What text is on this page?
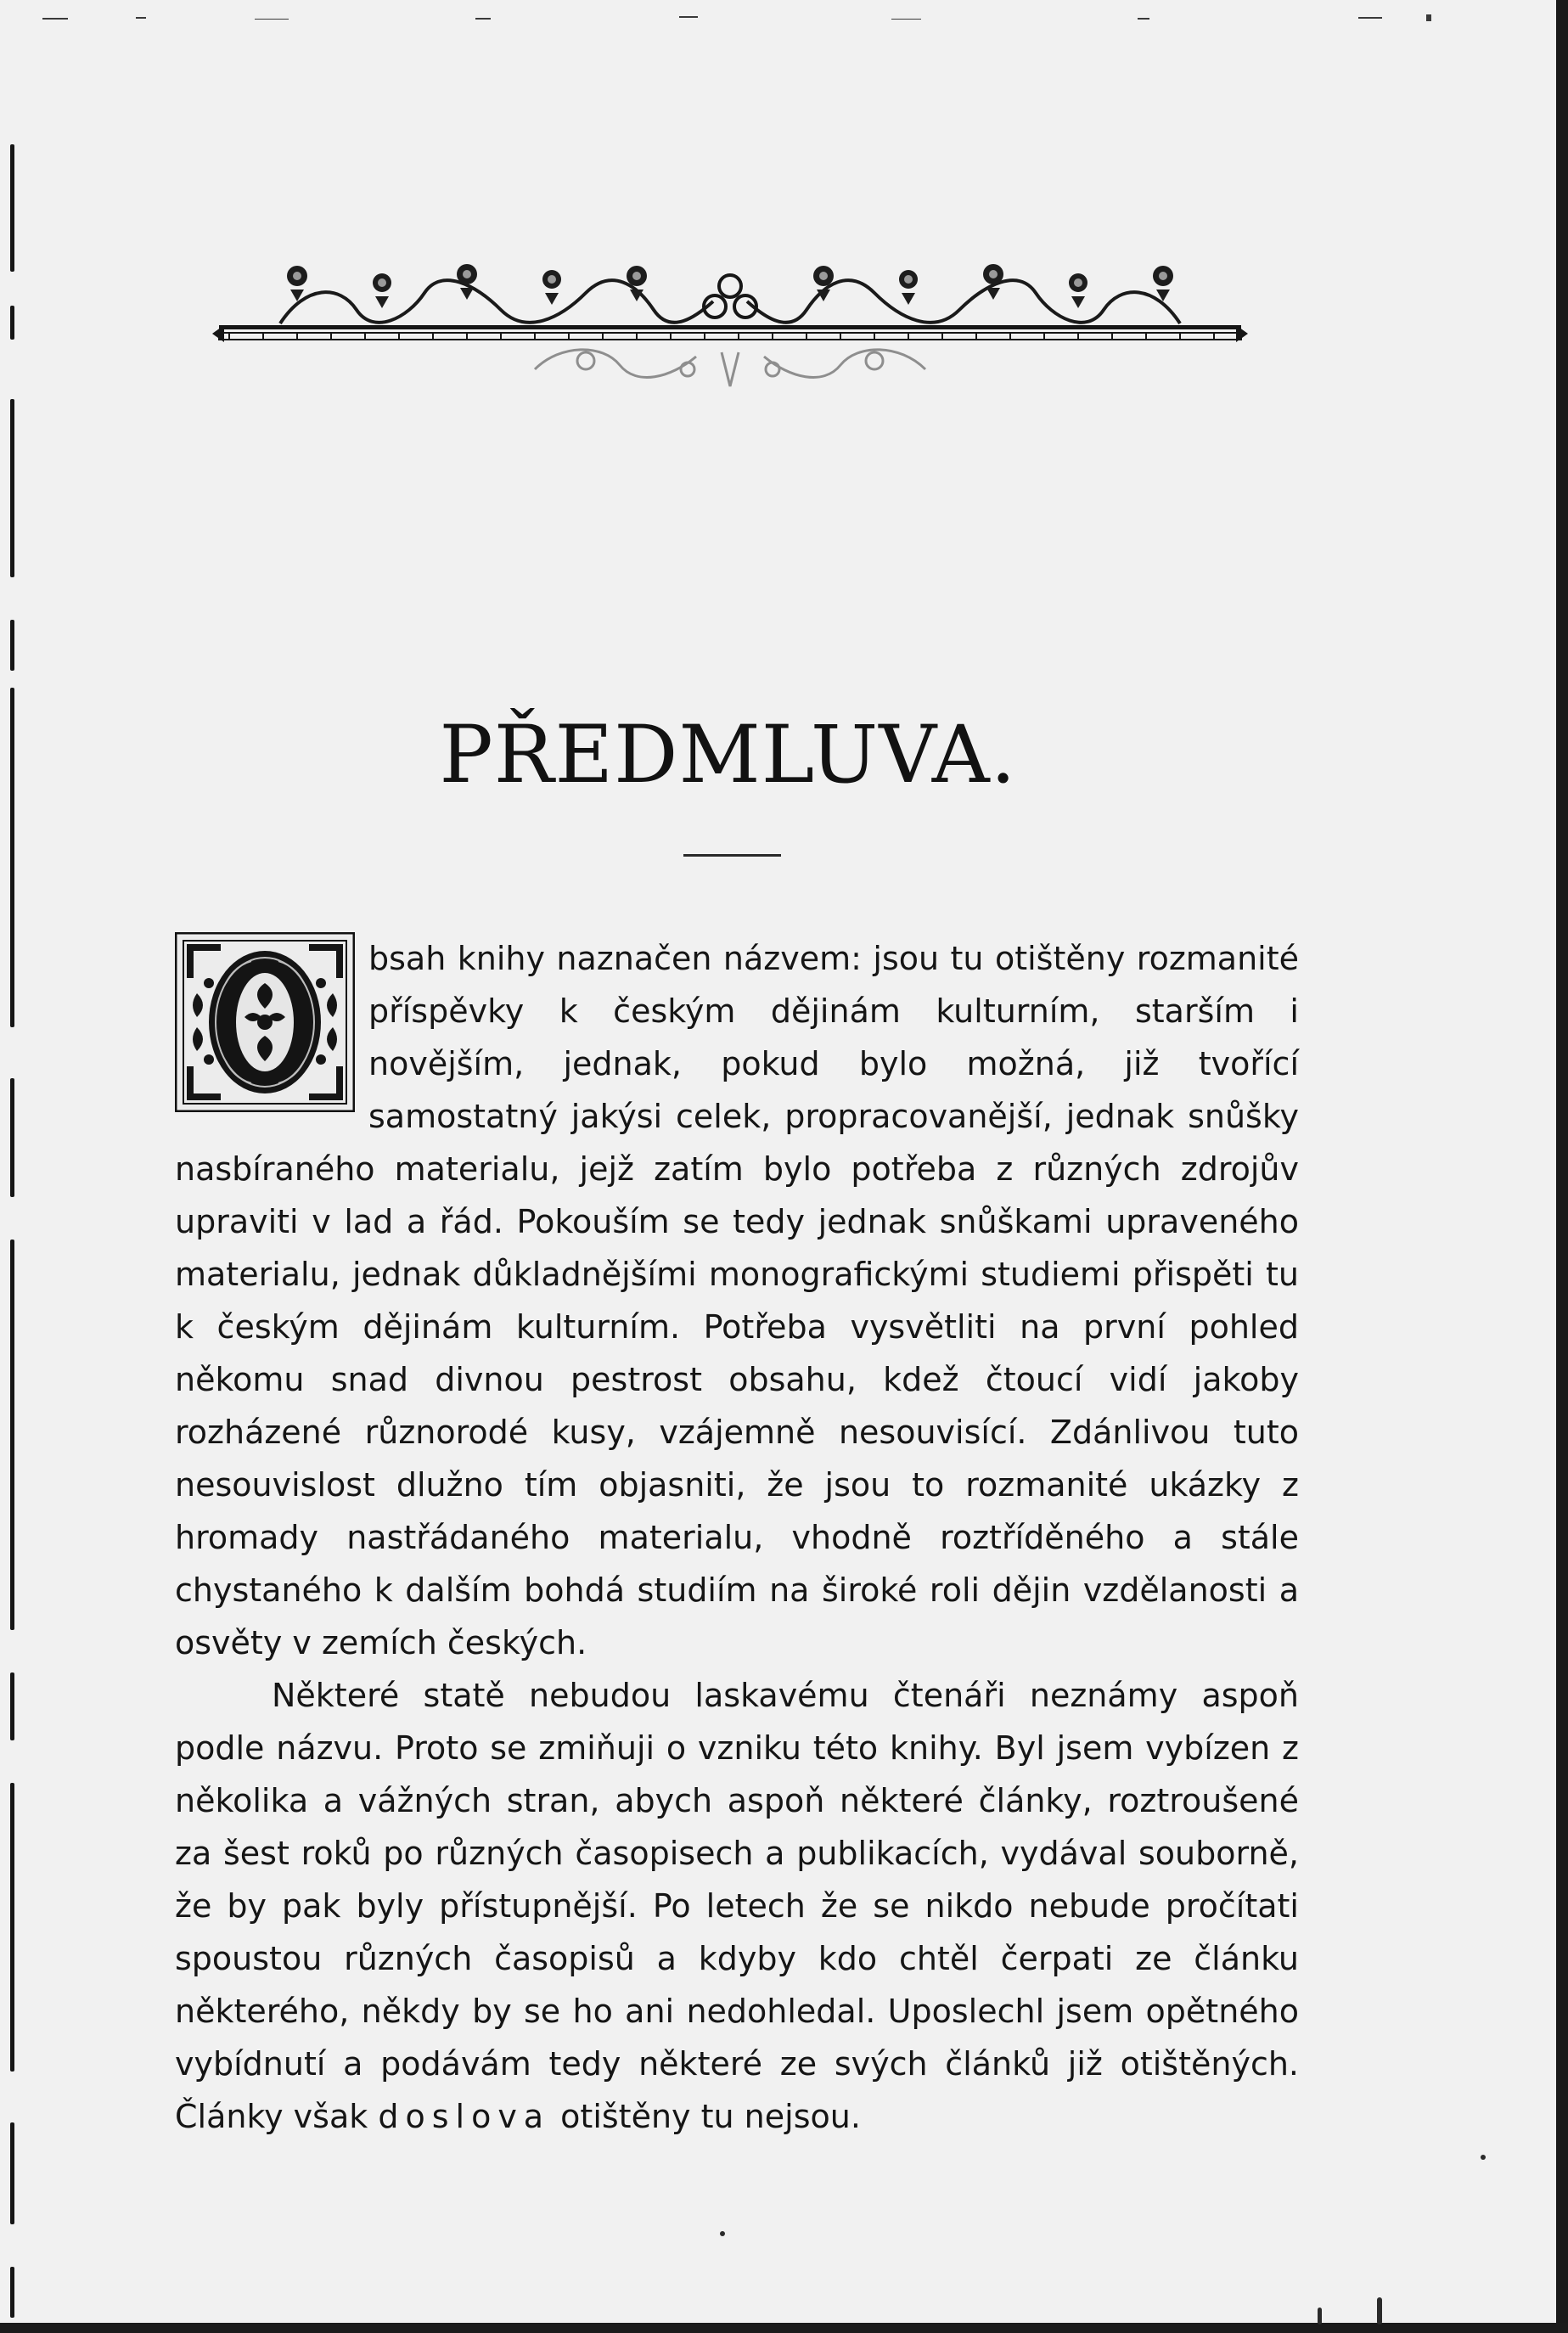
PŘEDMLUVA.

bsah knihy naznačen názvem: jsou tu otištěny rozmanité příspěvky k českým dějinám kulturním, starším i novějším, jednak, pokud bylo možná, již tvořící samostatný jakýsi celek, propracovanější, jednak snůšky nasbíraného materialu, jejž zatím bylo potřeba z různých zdrojův upraviti v lad a řád. Pokouším se tedy jednak snůškami upraveného materialu, jednak důkladnějšími monografickými studiemi přispěti tu k českým dějinám kulturním. Potřeba vysvětliti na první pohled někomu snad divnou pestrost obsahu, kdež čtoucí vidí jakoby rozházené různorodé kusy, vzájemně nesouvisící. Zdánlivou tuto nesouvislost dlužno tím objasniti, že jsou to rozmanité ukázky z hromady nastřádaného materialu, vhodně roztříděného a stále chystaného k dalším bohdá studiím na široké roli dějin vzdělanosti a osvěty v zemích českých.

Některé statě nebudou laskavému čtenáři neznámy aspoň podle názvu. Proto se zmiňuji o vzniku této knihy. Byl jsem vybízen z několika a vážných stran, abych aspoň některé články, roztroušené za šest roků po různých časopisech a publikacích, vydával souborně, že by pak byly přístupnější. Po letech že se nikdo nebude pročítati spoustou různých časopisů a kdyby kdo chtěl čerpati ze článku některého, někdy by se ho ani nedohledal. Uposlechl jsem opětného vybídnutí a podávám tedy některé ze svých článků již otištěných. Články však doslova otištěny tu nejsou.
